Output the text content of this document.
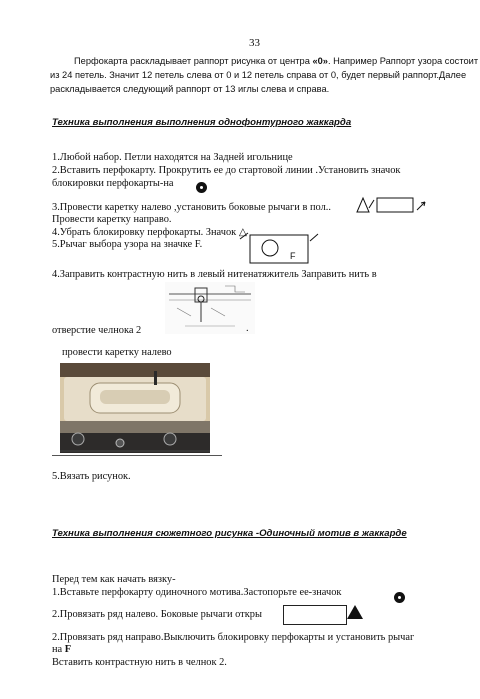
33
Перфокарта раскладывает раппорт рисунка от центра «0». Например Раппорт узора состоит
из 24 петель. Значит 12 петель слева от 0 и 12 петель справа от 0, будет первый раппорт.Далее
раскладывается следующий раппорт от 13 иглы слева и справа.
Техника выполнения выполнения однофонтурного жаккарда
1.Любой набор. Петли находятся на Задней игольнице
2.Вставить перфокарту. Прокрутить ее до стартовой линии .Установить значок
блокировки перфокарты-на

3.Провести каретку налево ,установить боковые рычаги в пол..
Провести каретку направо.
4.Убрать блокировку перфокарты. Значок △
5.Рычаг выбора узора на значке F.
F
4.Заправить контрастную нить в левый нитенатяжитель Заправить нить в
отверстие челнока 2	.
провести каретку налево
5.Вязать рисунок.
Техника выполнения сюжетного рисунка -Одиночный мотив в жаккарде
Перед тем как начать вязку-
1.Вставьте перфокарту одиночного мотива.Застопорьте ее-значок
2.Провязать ряд налево. Боковые рычаги откры
2.Провязать ряд направо.Выключить блокировку перфокарты и установить рычаг
на F
Вставить контрастную нить в челнок 2.
